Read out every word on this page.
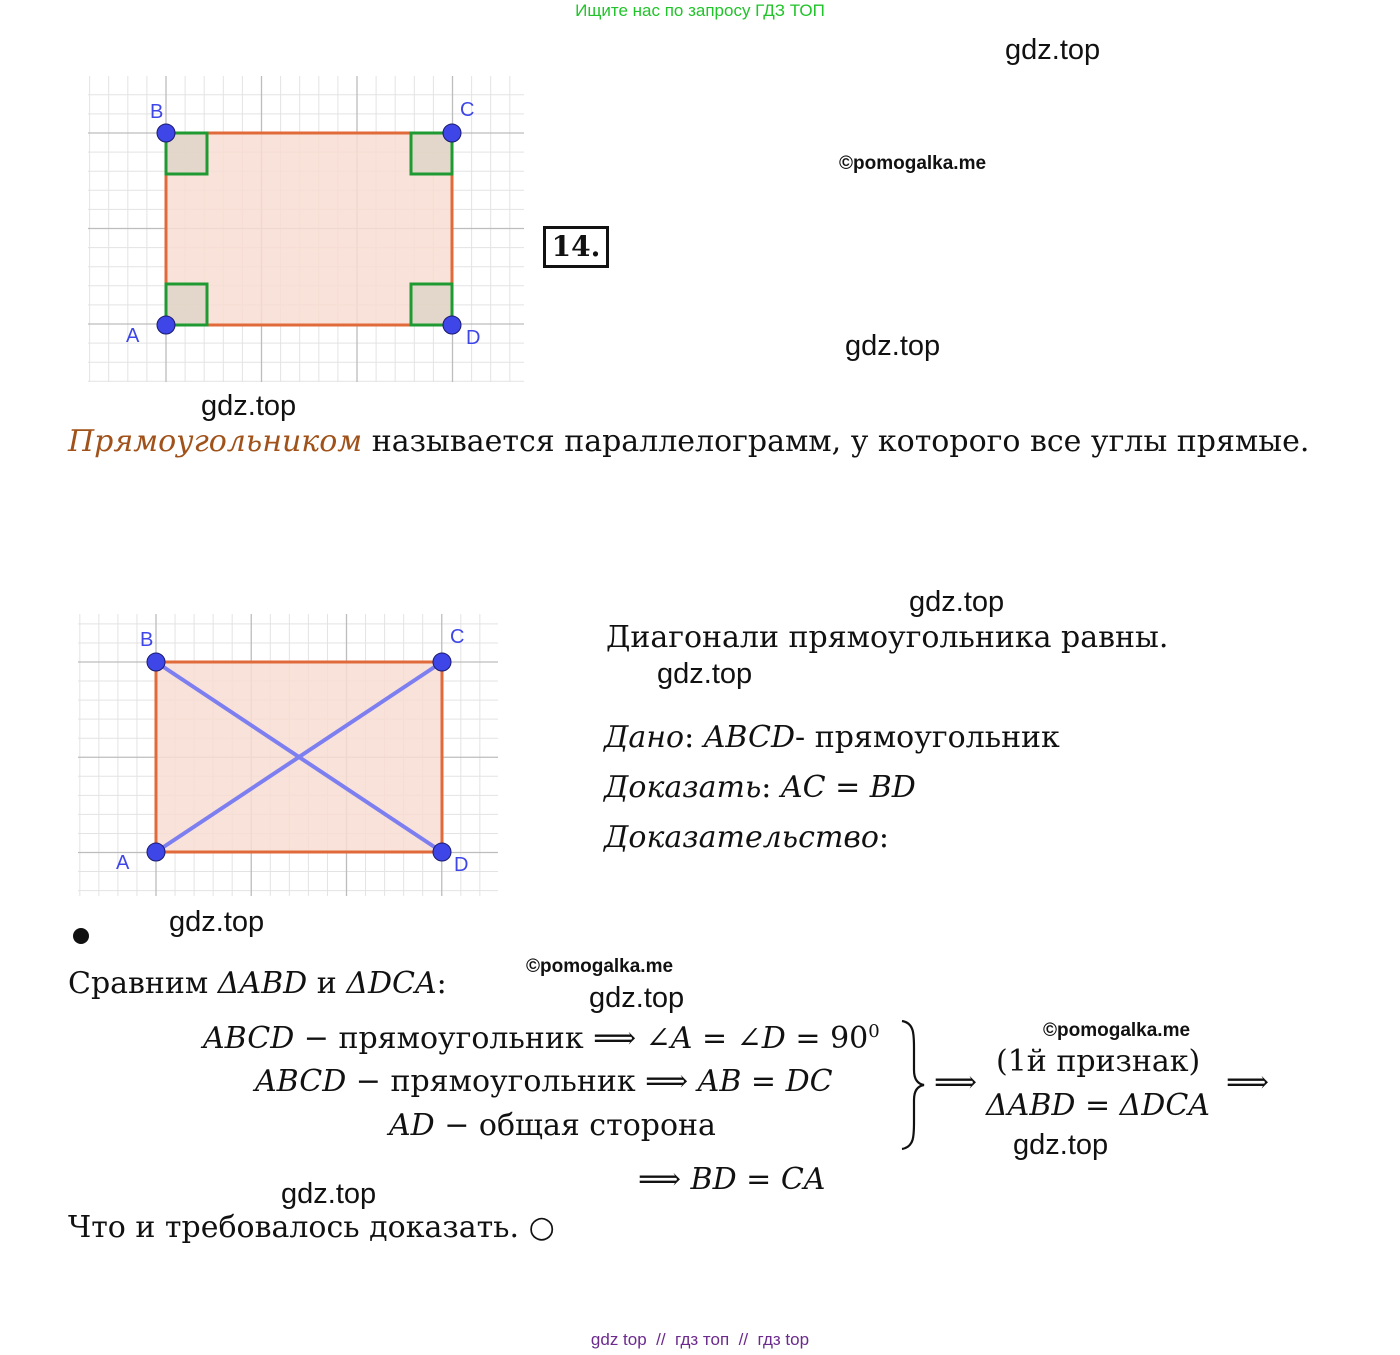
Ищите нас по запросу ГДЗ ТОП
gdz.top
©pomogalka.me
gdz.top
gdz.top
gdz.top
gdz.top
gdz.top
©pomogalka.me
gdz.top
©pomogalka.me
gdz.top
gdz.top
B	C
A	D
14.
Прямоугольником называется параллелограмм, у которого все углы прямые.
B	C
A	D
Диагонали прямоугольника равны.
Дано: ABCD- прямоугольник
Доказать: AC = BD
Доказательство:
Сравним ΔABD и ΔDCA:
ABCD − прямоугольник ⟹ ∠A = ∠D = $90^0$
ABCD − прямоугольник ⟹ AB = DC
AD − общая сторона
⟹
(1й признак)
ΔABD = ΔDCA
⟹
⟹ BD = CA
Что и требовалось доказать. ○
gdz top // гдз топ // гдз top
